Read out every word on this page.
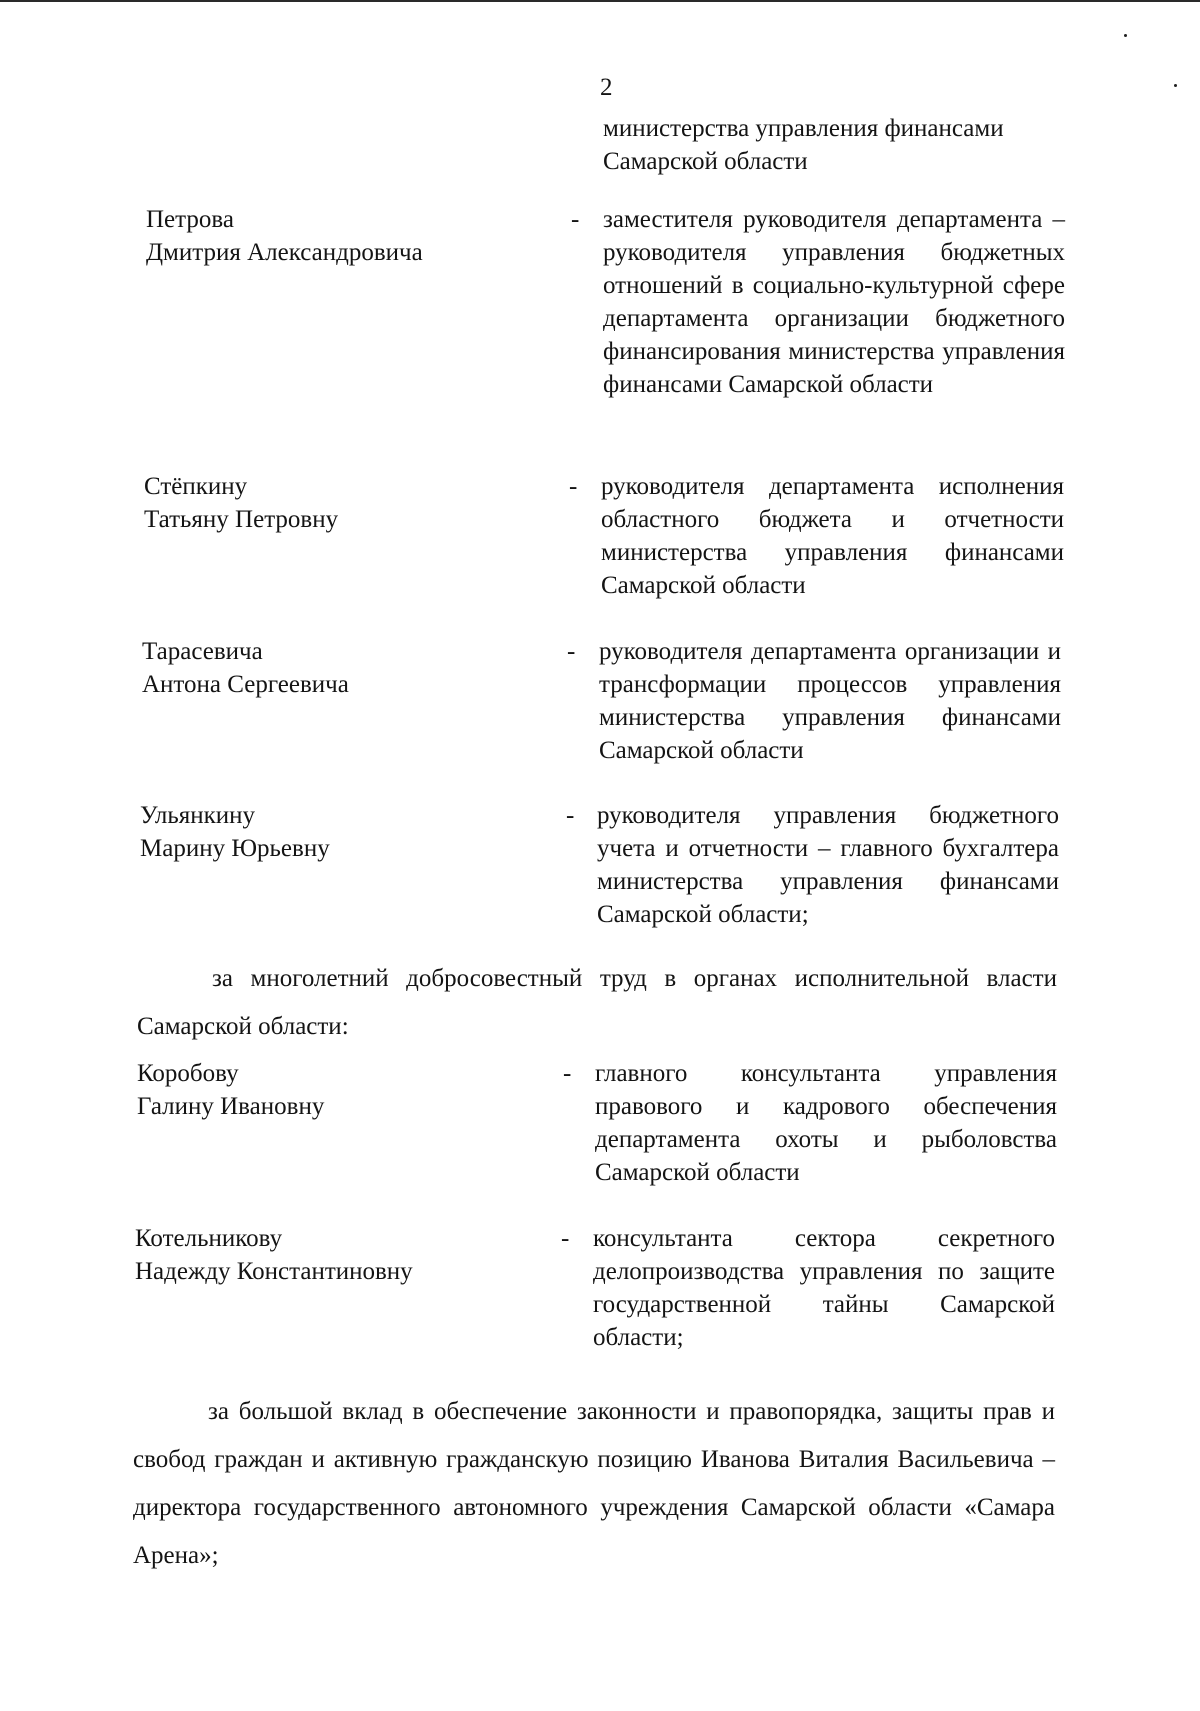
2
министерства управления финансами Самарской области
Петрова
Дмитрия Александровича
- заместителя руководителя департамента – руководителя управления бюджетных отношений в социально-культурной сфере департамента организации бюджетного финансирования министерства управления финансами Самарской области
Стёпкину
Татьяну Петровну
- руководителя департамента исполнения областного бюджета и отчетности министерства управления финансами Самарской области
Тарасевича
Антона Сергеевича
- руководителя департамента организации и трансформации процессов управления министерства управления финансами Самарской области
Ульянкину
Марину Юрьевну
- руководителя управления бюджетного учета и отчетности – главного бухгалтера министерства управления финансами Самарской области;
за многолетний добросовестный труд в органах исполнительной власти Самарской области:
Коробову
Галину Ивановну
- главного консультанта управления правового и кадрового обеспечения департамента охоты и рыболовства Самарской области
Котельникову
Надежду Константиновну
- консультанта сектора секретного делопроизводства управления по защите государственной тайны Самарской области;
за большой вклад в обеспечение законности и правопорядка, защиты прав и свобод граждан и активную гражданскую позицию Иванова Виталия Васильевича – директора государственного автономного учреждения Самарской области «Самара Арена»;
